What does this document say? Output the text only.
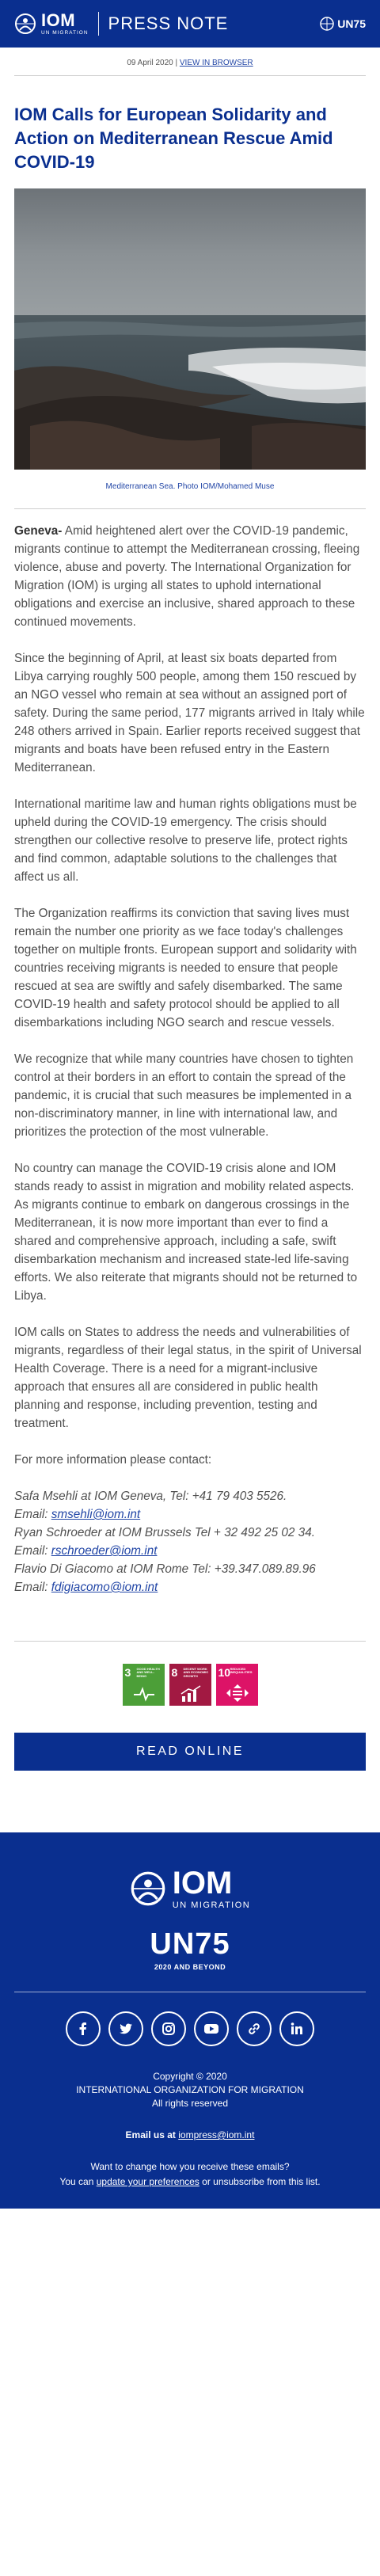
IOM
UN MIGRATION PRESS NOTE	UN75
09 April 2020 | VIEW IN BROWSER
IOM Calls for European Solidarity and Action on Mediterranean Rescue Amid COVID-19
Mediterranean Sea. Photo IOM/Mohamed Muse

Geneva- Amid heightened alert over the COVID-19 pandemic, migrants continue to attempt the Mediterranean crossing, fleeing violence, abuse and poverty. The International Organization for Migration (IOM) is urging all states to uphold international obligations and exercise an inclusive, shared approach to these continued movements.

Since the beginning of April, at least six boats departed from Libya carrying roughly 500 people, among them 150 rescued by an NGO vessel who remain at sea without an assigned port of safety. During the same period, 177 migrants arrived in Italy while 248 others arrived in Spain. Earlier reports received suggest that migrants and boats have been refused entry in the Eastern Mediterranean.

International maritime law and human rights obligations must be upheld during the COVID-19 emergency. The crisis should strengthen our collective resolve to preserve life, protect rights and find common, adaptable solutions to the challenges that affect us all.

The Organization reaffirms its conviction that saving lives must remain the number one priority as we face today's challenges together on multiple fronts. European support and solidarity with countries receiving migrants is needed to ensure that people rescued at sea are swiftly and safely disembarked. The same COVID-19 health and safety protocol should be applied to all disembarkations including NGO search and rescue vessels.

We recognize that while many countries have chosen to tighten control at their borders in an effort to contain the spread of the pandemic, it is crucial that such measures be implemented in a non-discriminatory manner, in line with international law, and prioritizes the protection of the most vulnerable.

No country can manage the COVID-19 crisis alone and IOM stands ready to assist in migration and mobility related aspects. As migrants continue to embark on dangerous crossings in the Mediterranean, it is now more important than ever to find a shared and comprehensive approach, including a safe, swift disembarkation mechanism and increased state-led life-saving efforts. We also reiterate that migrants should not be returned to Libya.

IOM calls on States to address the needs and vulnerabilities of migrants, regardless of their legal status, in the spirit of Universal Health Coverage. There is a need for a migrant-inclusive approach that ensures all are considered in public health planning and response, including prevention, testing and treatment.

For more information please contact:

Safa Msehli at IOM Geneva, Tel: +41 79 403 5526.

Email: smsehli@iom.int

Ryan Schroeder at IOM Brussels Tel + 32 492 25 02 34.

Email: rschroeder@iom.int

Flavio Di Giacomo at IOM Rome Tel: +39.347.089.89.96

Email: fdigiacomo@iom.int

3 GOOD HEALTH AND WELL-BEING	8 DECENT WORK AND ECONOMIC GROWTH	10 REDUCED INEQUALITIES
READ ONLINE
IOM
UN MIGRATION
UN75
2020 AND BEYOND
Copyright © 2020
INTERNATIONAL ORGANIZATION FOR MIGRATION
All rights reserved
Email us at iompress@iom.int
Want to change how you receive these emails?
You can update your preferences or unsubscribe from this list.
